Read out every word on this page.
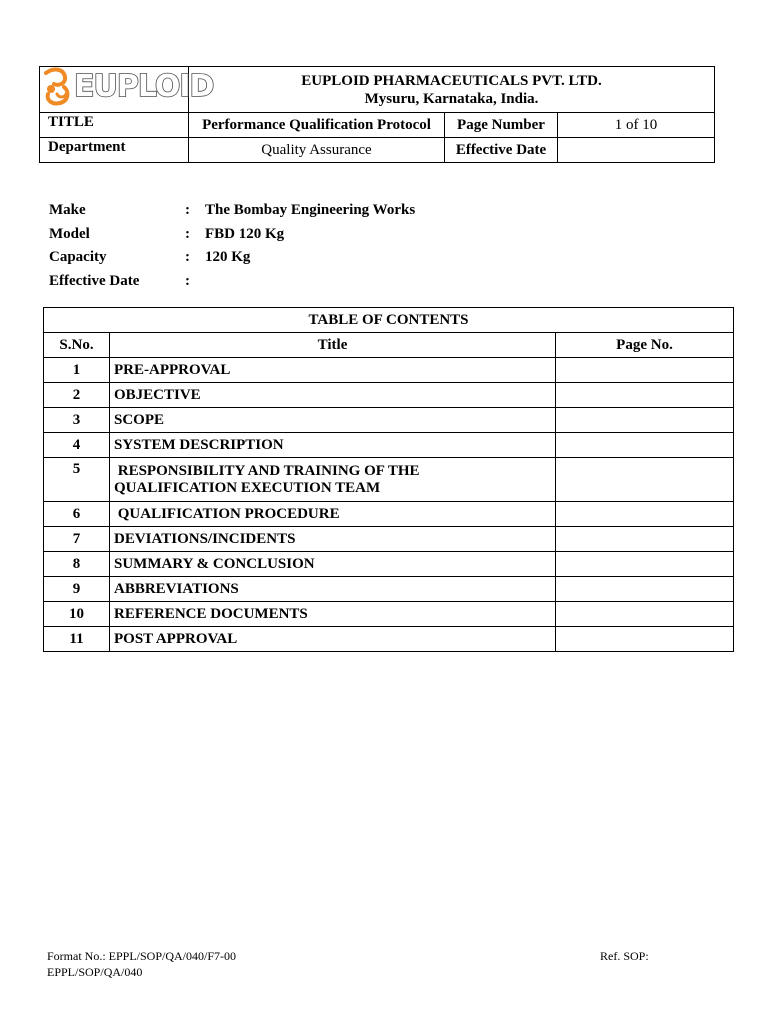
EUPLOID	EUPLOID PHARMACEUTICALS PVT. LTD.
Mysuru, Karnataka, India.		

TITLE	Performance Qualification Protocol	Page Number	1 of 10
Department	Quality Assurance	Effective Date	
Make	:	The Bombay Engineering Works
Model	:	FBD 120 Kg
Capacity	:	120 Kg
Effective Date	:
TABLE OF CONTENTS		
S.No.	Title	Page No.
1	PRE-APPROVAL	
2	OBJECTIVE	
3	SCOPE	
4	SYSTEM DESCRIPTION	
5	RESPONSIBILITY AND TRAINING OF THE QUALIFICATION EXECUTION TEAM	
6	QUALIFICATION PROCEDURE	
7	DEVIATIONS/INCIDENTS	
8	SUMMARY & CONCLUSION	
9	ABBREVIATIONS	
10	REFERENCE DOCUMENTS	
11	POST APPROVAL	
Format No.: EPPL/SOP/QA/040/F7-00
EPPL/SOP/QA/040
Ref. SOP:
